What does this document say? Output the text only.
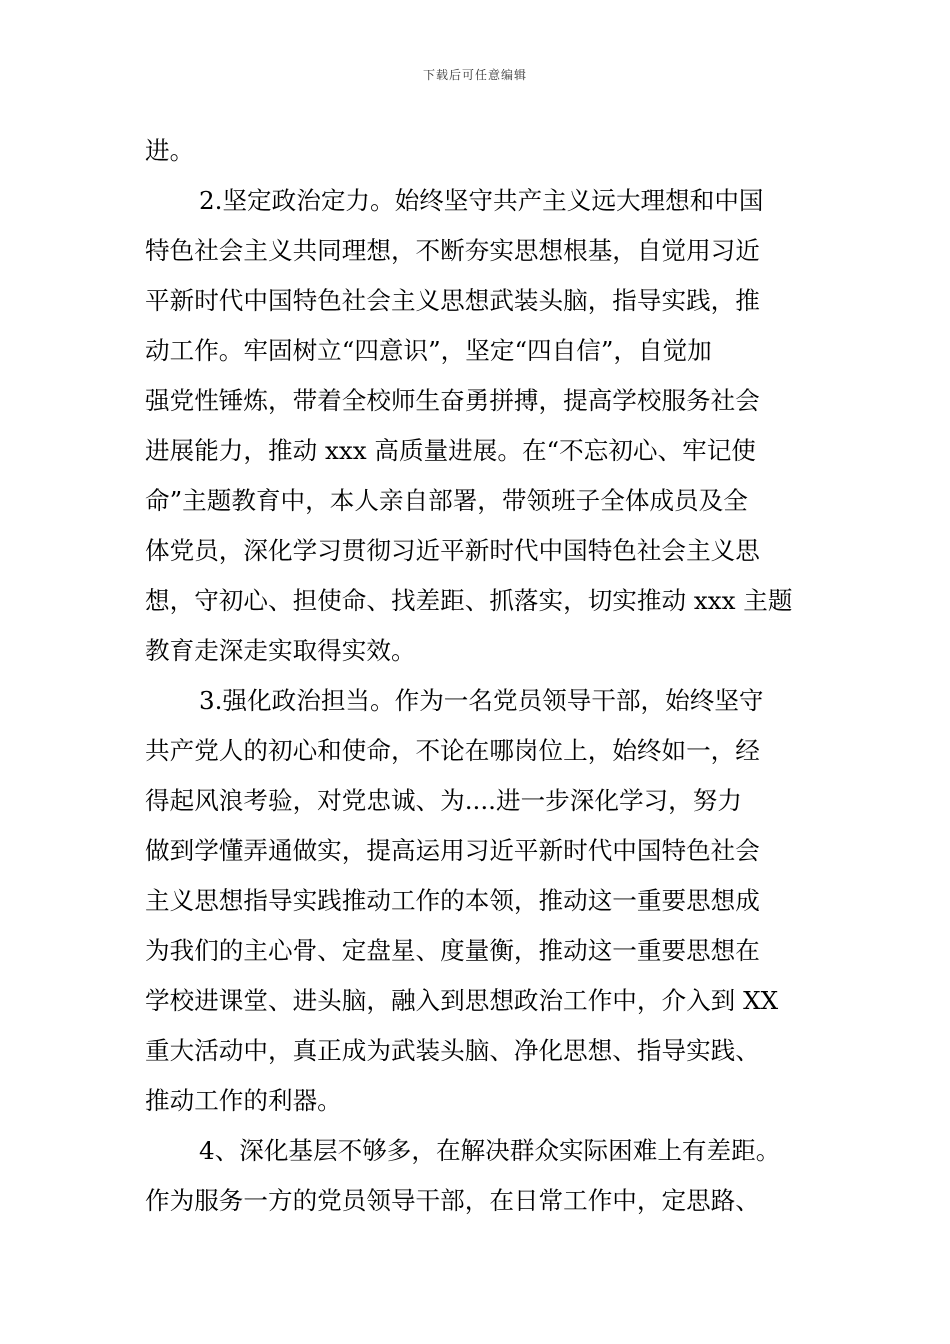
下载后可任意编辑
进。
2.坚定政治定力。始终坚守共产主义远大理想和中国
特色社会主义共同理想，不断夯实思想根基，自觉用习近
平新时代中国特色社会主义思想武装头脑，指导实践，推
动工作。牢固树立“四意识”，坚定“四自信”，自觉加
强党性锤炼，带着全校师生奋勇拼搏，提高学校服务社会
进展能力，推动 xxx 高质量进展。在“不忘初心、牢记使
命”主题教育中，本人亲自部署，带领班子全体成员及全
体党员，深化学习贯彻习近平新时代中国特色社会主义思
想，守初心、担使命、找差距、抓落实，切实推动 xxx 主题
教育走深走实取得实效。
3.强化政治担当。作为一名党员领导干部，始终坚守
共产党人的初心和使命，不论在哪岗位上，始终如一，经
得起风浪考验，对党忠诚、为....进一步深化学习，努力
做到学懂弄通做实，提高运用习近平新时代中国特色社会
主义思想指导实践推动工作的本领，推动这一重要思想成
为我们的主心骨、定盘星、度量衡，推动这一重要思想在
学校进课堂、进头脑，融入到思想政治工作中，介入到 XX
重大活动中，真正成为武装头脑、净化思想、指导实践、
推动工作的利器。
4、深化基层不够多，在解决群众实际困难上有差距。
作为服务一方的党员领导干部，在日常工作中，定思路、
